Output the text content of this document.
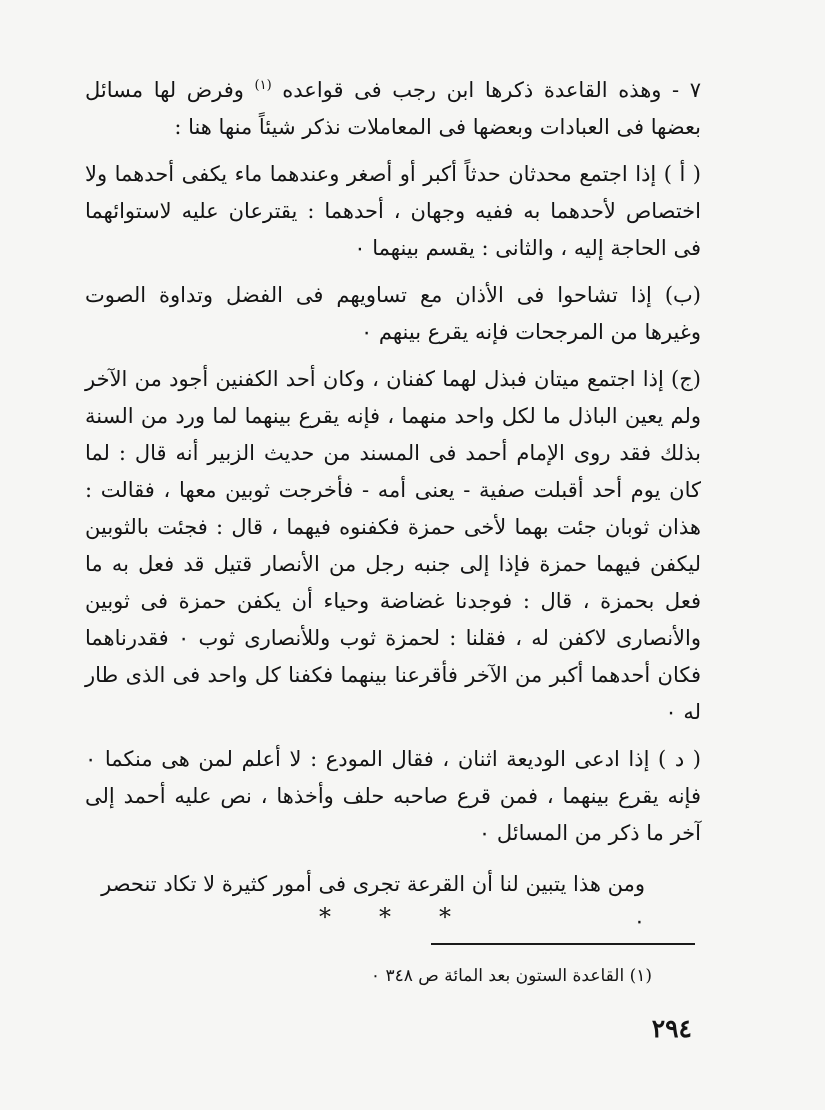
٧ - وهذه القاعدة ذكرها ابن رجب فى قواعده $^{(١)}$ وفرض لها مسائل بعضها فى العبادات وبعضها فى المعاملات نذكر شيئاً منها هنا :

( أ ) إذا اجتمع محدثان حدثاً أكبر أو أصغر وعندهما ماء يكفى أحدهما ولا اختصاص لأحدهما به ففيه وجهان ، أحدهما : يقترعان عليه لاستوائهما فى الحاجة إليه ، والثانى : يقسم بينهما ٠

(ب) إذا تشاحوا فى الأذان مع تساويهم فى الفضل وتداوة الصوت وغيرها من المرجحات فإنه يقرع بينهم ٠

(ج) إذا اجتمع ميتان فبذل لهما كفنان ، وكان أحد الكفنين أجود من الآخر ولم يعين الباذل ما لكل واحد منهما ، فإنه يقرع بينهما لما ورد من السنة بذلك فقد روى الإمام أحمد فى المسند من حديث الزبير أنه قال : لما كان يوم أحد أقبلت صفية - يعنى أمه - فأخرجت ثوبين معها ، فقالت : هذان ثوبان جئت بهما لأخى حمزة فكفنوه فيهما ، قال : فجئت بالثوبين ليكفن فيهما حمزة فإذا إلى جنبه رجل من الأنصار قتيل قد فعل به ما فعل بحمزة ، قال : فوجدنا غضاضة وحياء أن يكفن حمزة فى ثوبين والأنصارى لاكفن له ، فقلنا : لحمزة ثوب وللأنصارى ثوب ٠ فقدرناهما فكان أحدهما أكبر من الآخر فأقرعنا بينهما فكفنا كل واحد فى الذى طار له ٠

( د ) إذا ادعى الوديعة اثنان ، فقال المودع : لا أعلم لمن هى منكما ٠ فإنه يقرع بينهما ، فمن قرع صاحبه حلف وأخذها ، نص عليه أحمد إلى آخر ما ذكر من المسائل ٠

ومن هذا يتبين لنا أن القرعة تجرى فى أمور كثيرة لا تكاد تنحصر ٠

* * *
(١) القاعدة الستون بعد المائة ص ٣٤٨ ٠
٢٩٤
